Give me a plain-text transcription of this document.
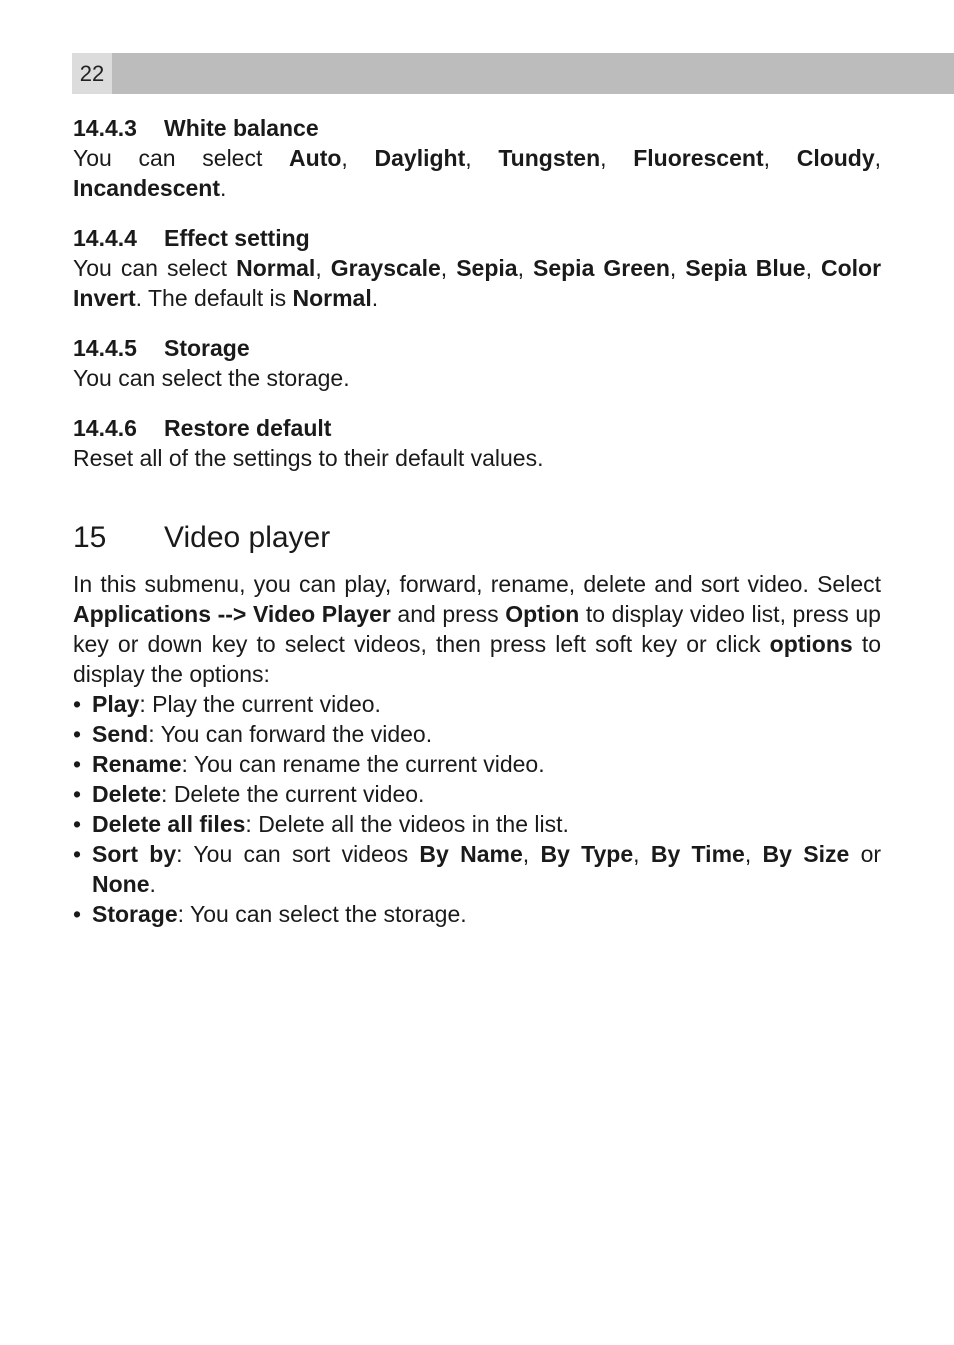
22
14.4.3 White balance
You can select Auto, Daylight, Tungsten, Fluorescent, Cloudy, Incandescent.
14.4.4 Effect setting
You can select Normal, Grayscale, Sepia, Sepia Green, Sepia Blue, Color Invert. The default is Normal.
14.4.5 Storage
You can select the storage.
14.4.6 Restore default
Reset all of the settings to their default values.
15 Video player
In this submenu, you can play, forward, rename, delete and sort video. Select Applications --> Video Player and press Option to display video list, press up key or down key to select videos, then press left soft key or click options to display the options:
• Play: Play the current video.
• Send: You can forward the video.
• Rename: You can rename the current video.
• Delete: Delete the current video.
• Delete all files: Delete all the videos in the list.
• Sort by: You can sort videos By Name, By Type, By Time, By Size or None.
• Storage: You can select the storage.
